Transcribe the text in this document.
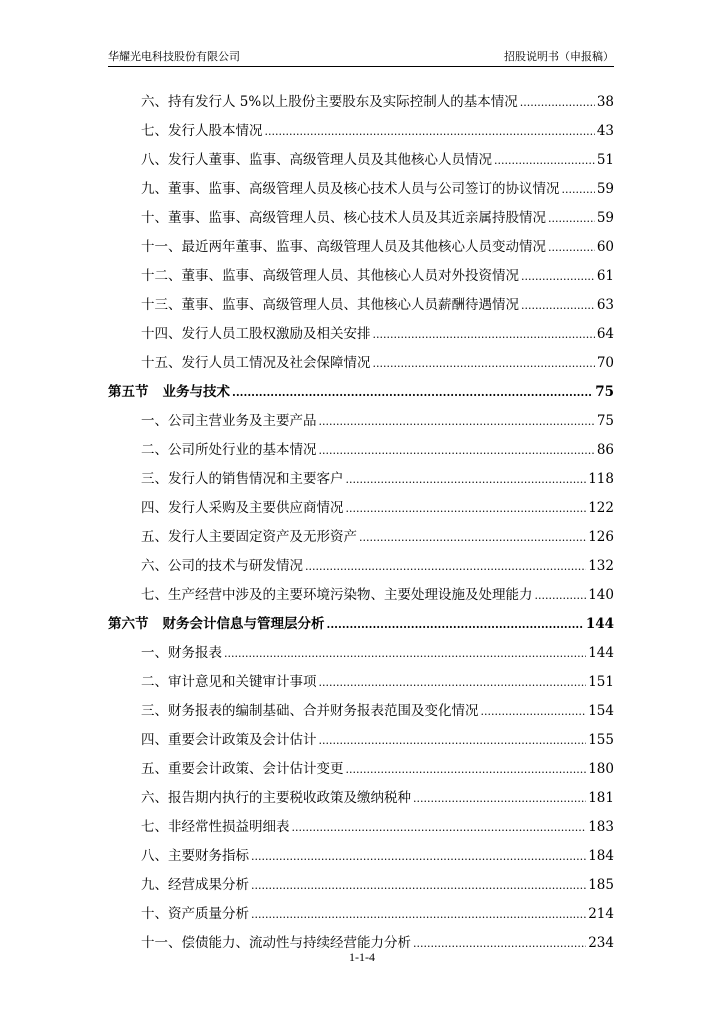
华耀光电科技股份有限公司	招股说明书（申报稿）
六、持有发行人 5%以上股份主要股东及实际控制人的基本情况 .....	38
七、发行人股本情况 .....	43
八、发行人董事、监事、高级管理人员及其他核心人员情况 .....	51
九、董事、监事、高级管理人员及核心技术人员与公司签订的协议情况 .....	59
十、董事、监事、高级管理人员、核心技术人员及其近亲属持股情况 .....	59
十一、最近两年董事、监事、高级管理人员及其他核心人员变动情况 .....	60
十二、董事、监事、高级管理人员、其他核心人员对外投资情况 .....	61
十三、董事、监事、高级管理人员、其他核心人员薪酬待遇情况 .....	63
十四、发行人员工股权激励及相关安排 .....	64
十五、发行人员工情况及社会保障情况 .....	70
第五节 业务与技术 .....	75
一、公司主营业务及主要产品 .....	75
二、公司所处行业的基本情况 .....	86
三、发行人的销售情况和主要客户 .....	118
四、发行人采购及主要供应商情况 .....	122
五、发行人主要固定资产及无形资产 .....	126
六、公司的技术与研发情况 .....	132
七、生产经营中涉及的主要环境污染物、主要处理设施及处理能力 .....	140
第六节 财务会计信息与管理层分析 .....	144
一、财务报表 .....	144
二、审计意见和关键审计事项 .....	151
三、财务报表的编制基础、合并财务报表范围及变化情况 .....	154
四、重要会计政策及会计估计 .....	155
五、重要会计政策、会计估计变更 .....	180
六、报告期内执行的主要税收政策及缴纳税种 .....	181
七、非经常性损益明细表 .....	183
八、主要财务指标 .....	184
九、经营成果分析 .....	185
十、资产质量分析 .....	214
十一、偿债能力、流动性与持续经营能力分析 .....	234
1-1-4
